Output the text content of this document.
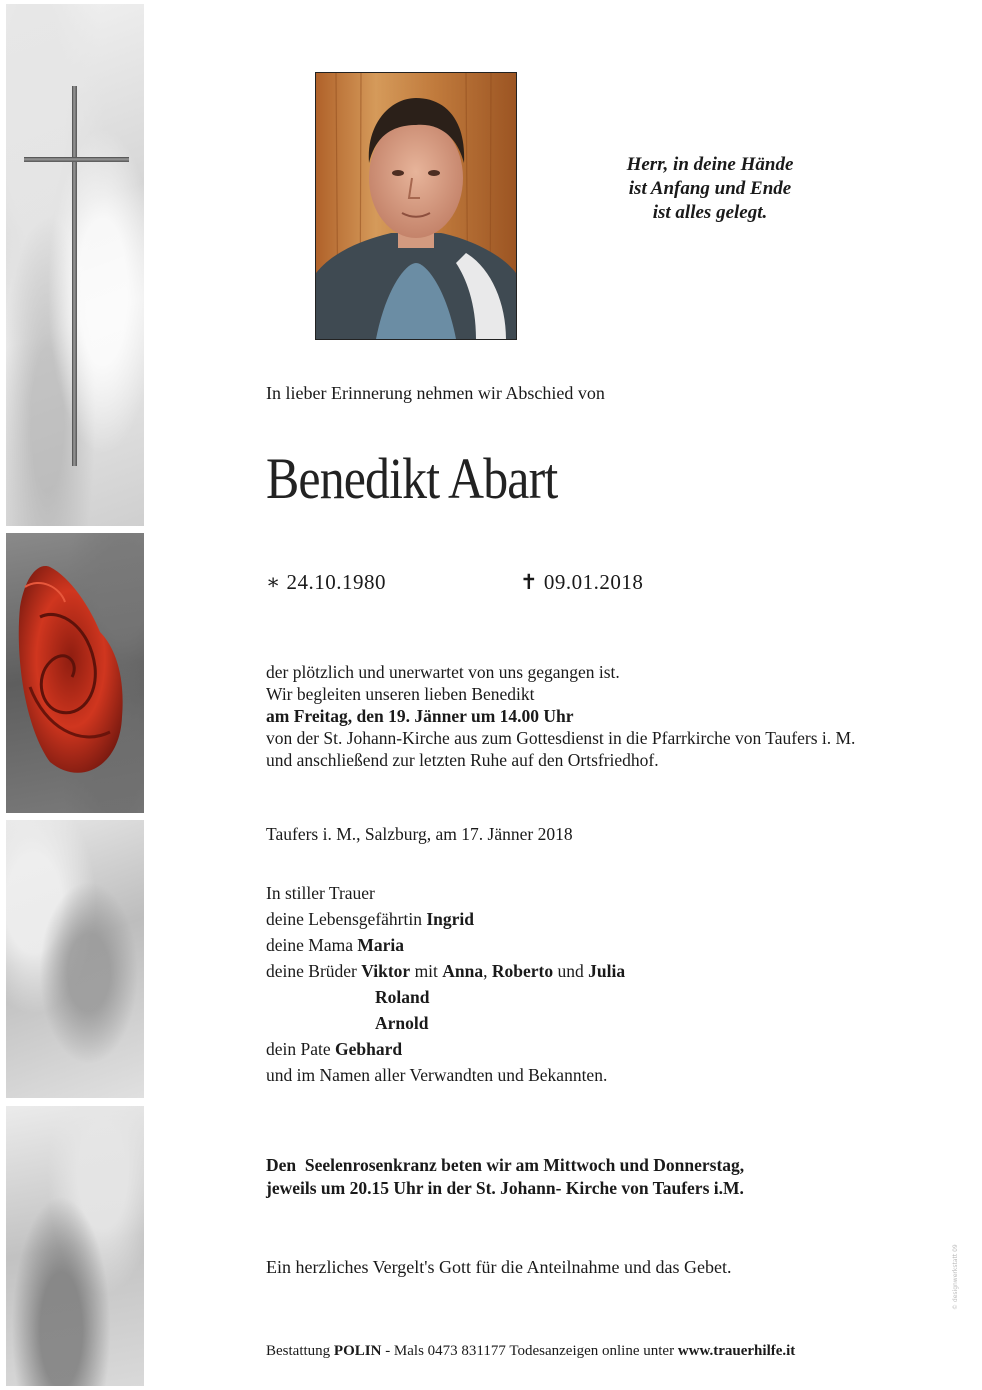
Herr, in deine Hände
ist Anfang und Ende
ist alles gelegt.
In lieber Erinnerung nehmen wir Abschied von
Benedikt Abart
∗ 24.10.1980	✝ 09.01.2018
der plötzlich und unerwartet von uns gegangen ist.
Wir begleiten unseren lieben Benedikt
am Freitag, den 19. Jänner um 14.00 Uhr
von der St. Johann-Kirche aus zum Gottesdienst in die Pfarrkirche von Taufers i. M.
und anschließend zur letzten Ruhe auf den Ortsfriedhof.
Taufers i. M., Salzburg, am 17. Jänner 2018
In stiller Trauer
deine Lebensgefährtin Ingrid
deine Mama Maria
deine Brüder Viktor mit Anna, Roberto und Julia
Roland
Arnold
dein Pate Gebhard
und im Namen aller Verwandten und Bekannten.
Den  Seelenrosenkranz beten wir am Mittwoch und Donnerstag,
jeweils um 20.15 Uhr in der St. Johann- Kirche von Taufers i.M.
Ein herzliches Vergelt's Gott für die Anteilnahme und das Gebet.
Bestattung POLIN - Mals 0473 831177 Todesanzeigen online unter www.trauerhilfe.it
© designwerkstatt 09
